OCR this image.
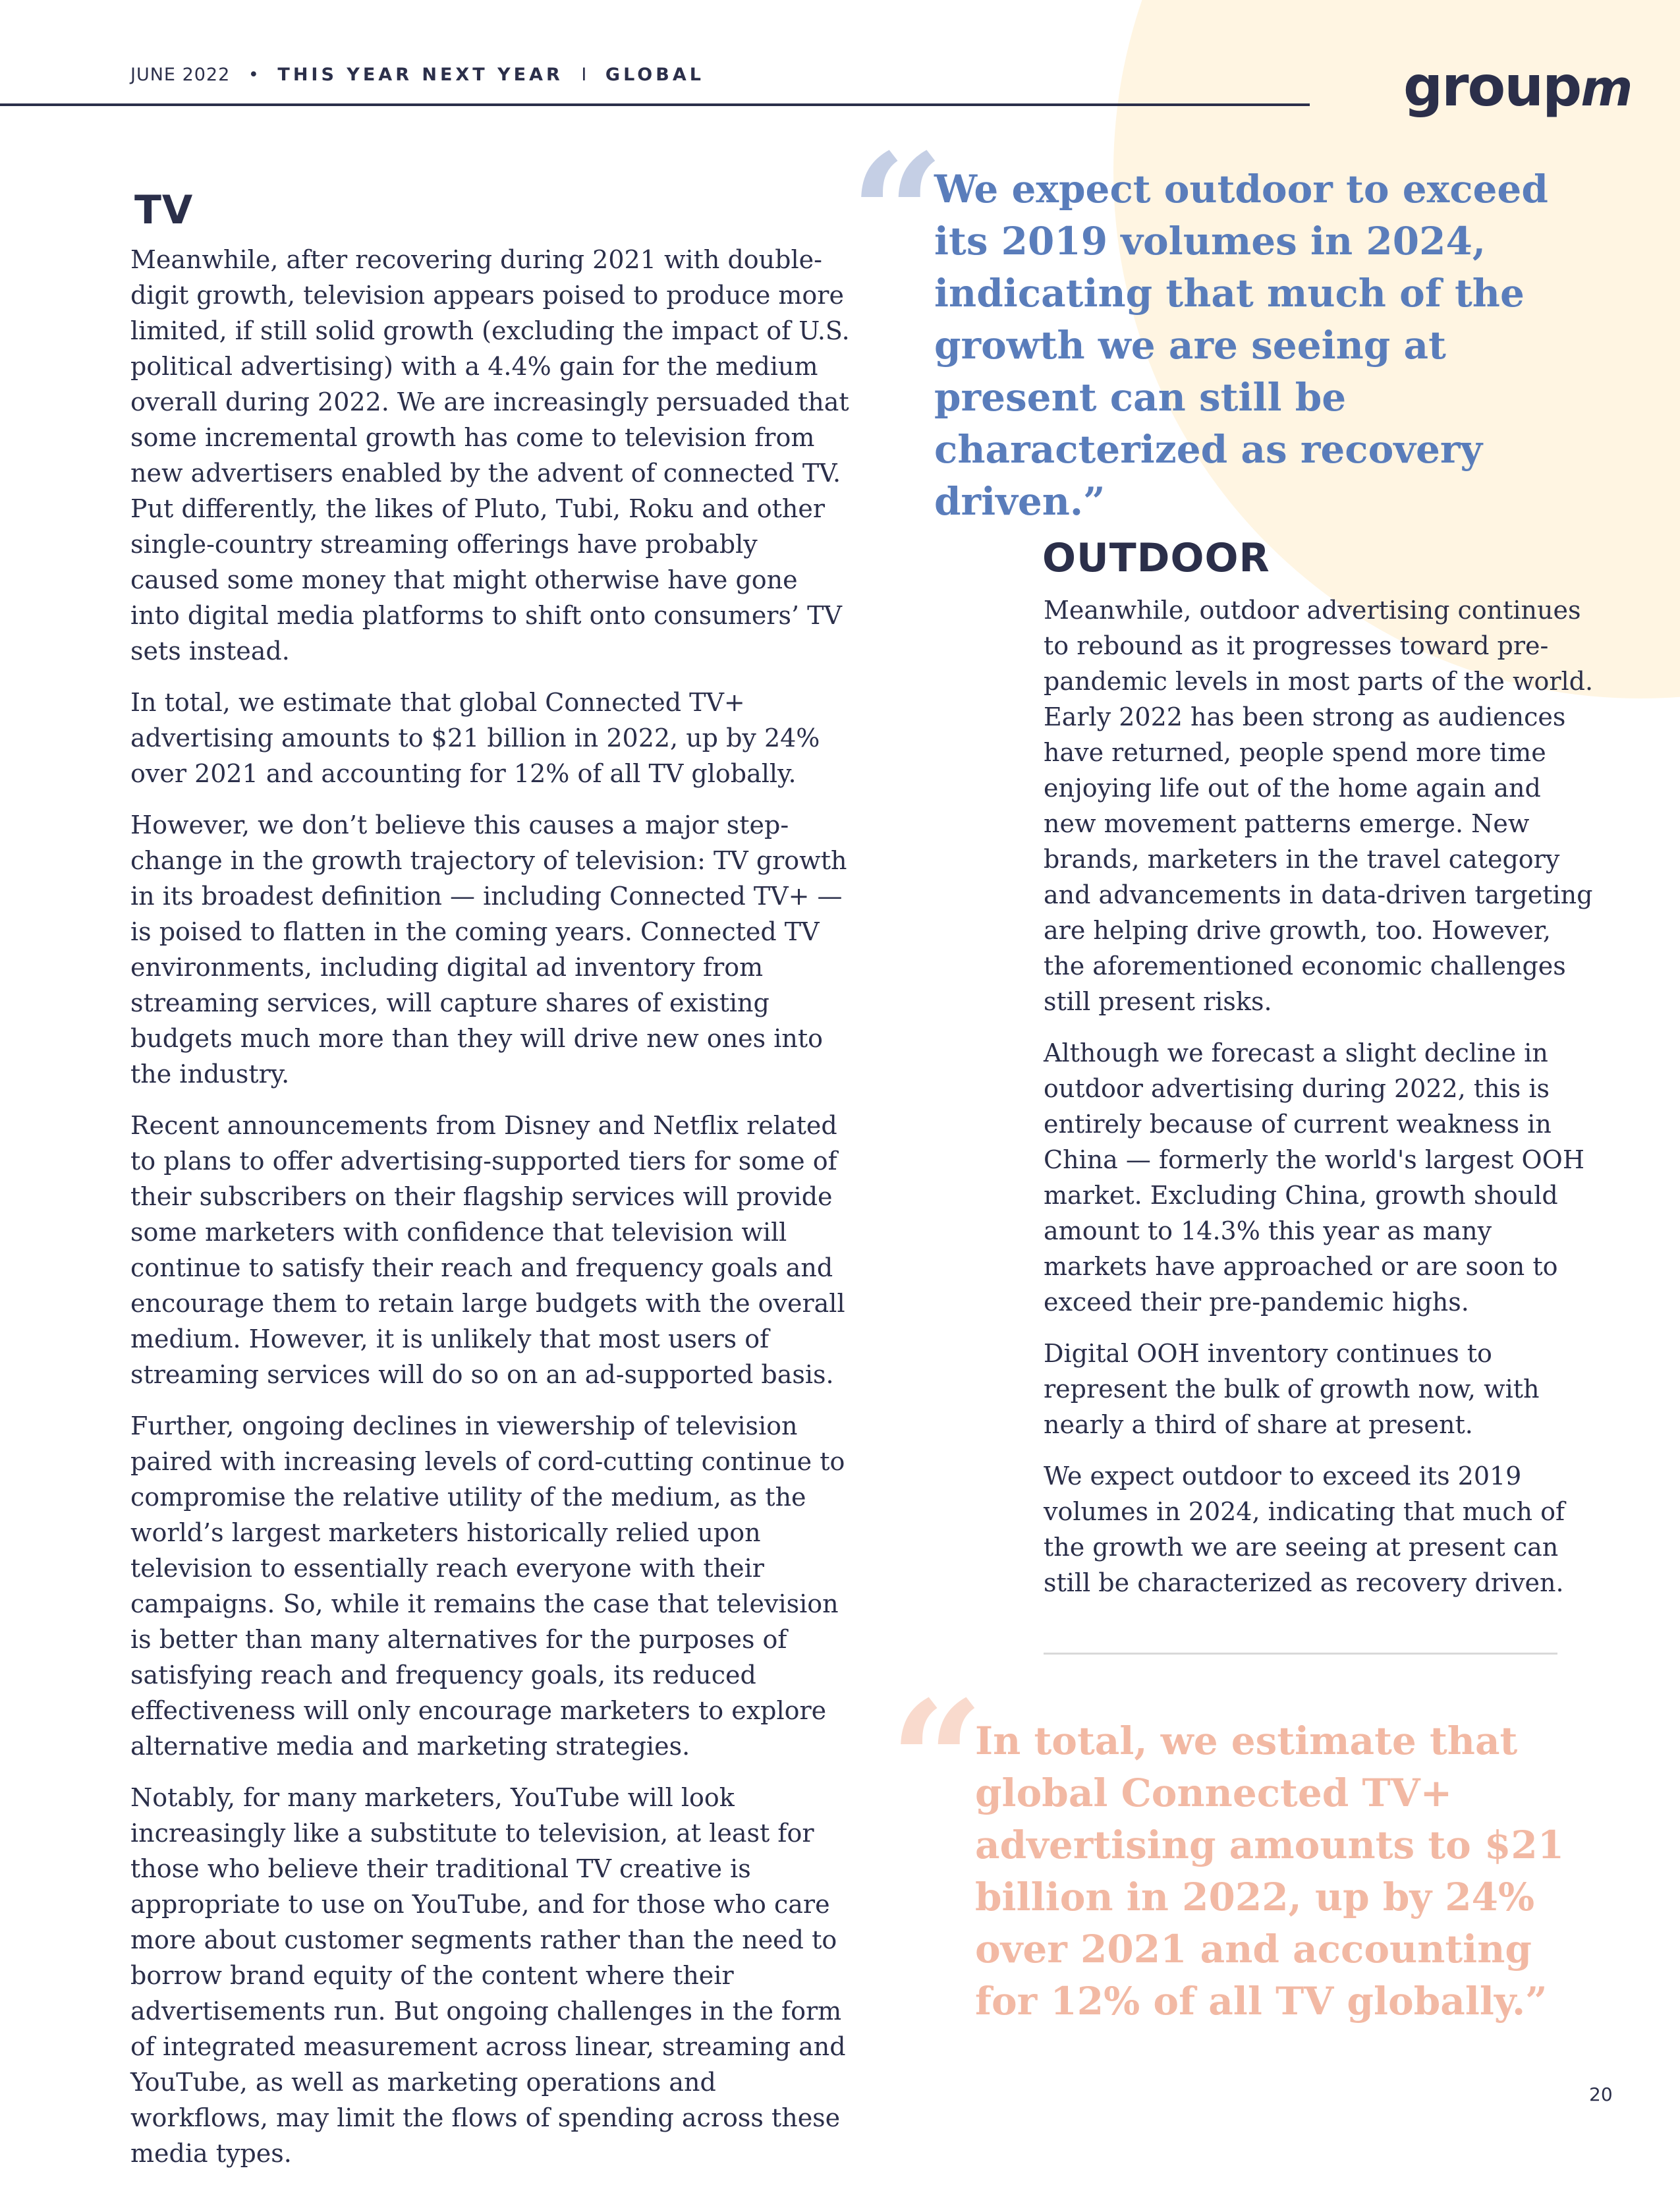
JUNE 2022 • THIS YEAR NEXT YEAR I GLOBAL	groupm
TV

Meanwhile, after recovering during 2021 with double-digit growth, television appears poised to produce more limited, if still solid growth (excluding the impact of U.S. political advertising) with a 4.4% gain for the medium overall during 2022. We are increasingly persuaded that some incremental growth has come to television from new advertisers enabled by the advent of connected TV. Put differently, the likes of Pluto, Tubi, Roku and other single-country streaming offerings have probably caused some money that might otherwise have gone into digital media platforms to shift onto consumers’ TV sets instead.

In total, we estimate that global Connected TV+ advertising amounts to $21 billion in 2022, up by 24% over 2021 and accounting for 12% of all TV globally.

However, we don’t believe this causes a major step-change in the growth trajectory of television: TV growth in its broadest definition — including Connected TV+ — is poised to flatten in the coming years. Connected TV environments, including digital ad inventory from streaming services, will capture shares of existing budgets much more than they will drive new ones into the industry.

Recent announcements from Disney and Netflix related to plans to offer advertising-supported tiers for some of their subscribers on their flagship services will provide some marketers with confidence that television will continue to satisfy their reach and frequency goals and encourage them to retain large budgets with the overall medium. However, it is unlikely that most users of streaming services will do so on an ad-supported basis.

Further, ongoing declines in viewership of television paired with increasing levels of cord-cutting continue to compromise the relative utility of the medium, as the world’s largest marketers historically relied upon television to essentially reach everyone with their campaigns. So, while it remains the case that television is better than many alternatives for the purposes of satisfying reach and frequency goals, its reduced effectiveness will only encourage marketers to explore alternative media and marketing strategies.

Notably, for many marketers, YouTube will look increasingly like a substitute to television, at least for those who believe their traditional TV creative is appropriate to use on YouTube, and for those who care more about customer segments rather than the need to borrow brand equity of the content where their advertisements run. But ongoing challenges in the form of integrated measurement across linear, streaming and YouTube, as well as marketing operations and workflows, may limit the flows of spending across these media types.

“
We expect outdoor to exceed its 2019 volumes in 2024, indicating that much of the growth we are seeing at present can still be characterized as recovery driven.”
OUTDOOR

Meanwhile, outdoor advertising continues to rebound as it progresses toward pre-pandemic levels in most parts of the world. Early 2022 has been strong as audiences have returned, people spend more time enjoying life out of the home again and new movement patterns emerge. New brands, marketers in the travel category and advancements in data-driven targeting are helping drive growth, too. However, the aforementioned economic challenges still present risks.

Although we forecast a slight decline in outdoor advertising during 2022, this is entirely because of current weakness in China — formerly the world's largest OOH market. Excluding China, growth should amount to 14.3% this year as many markets have approached or are soon to exceed their pre-pandemic highs.

Digital OOH inventory continues to represent the bulk of growth now, with nearly a third of share at present.

We expect outdoor to exceed its 2019 volumes in 2024, indicating that much of the growth we are seeing at present can still be characterized as recovery driven.

“
In total, we estimate that global Connected TV+ advertising amounts to $21 billion in 2022, up by 24% over 2021 and accounting for 12% of all TV globally.”
20
